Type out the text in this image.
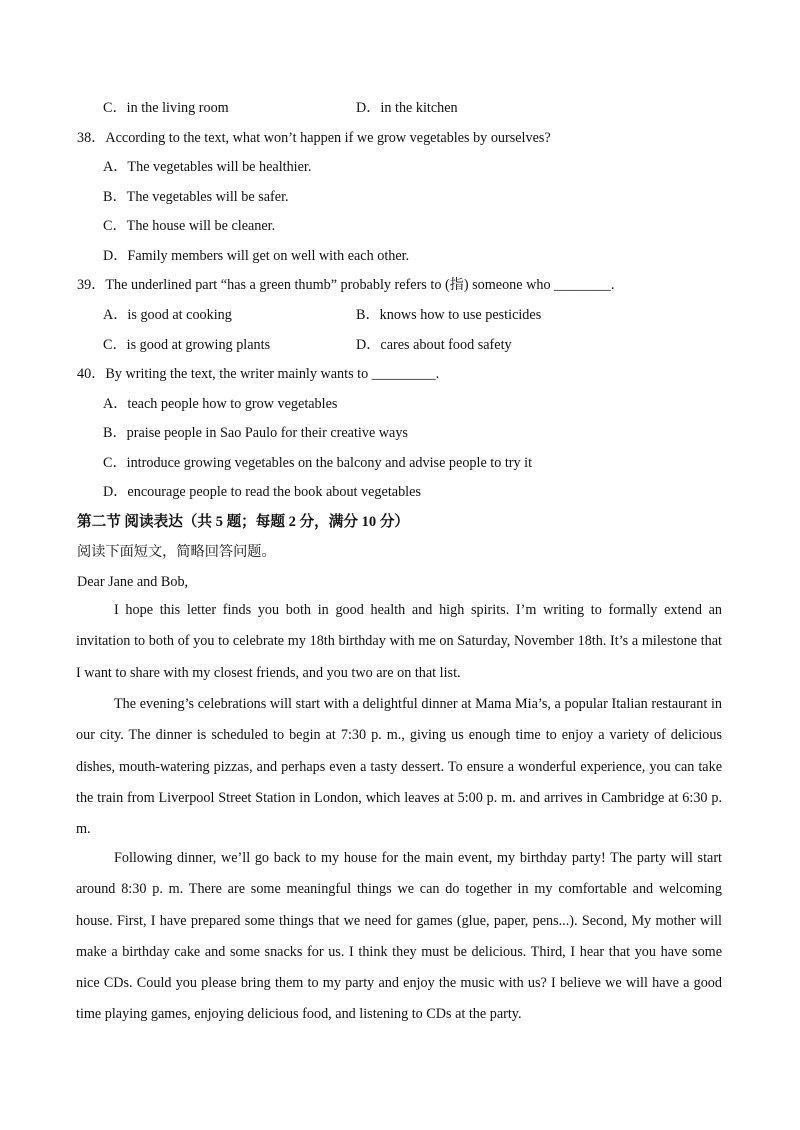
C．in the living room	D．in the kitchen
38．According to the text, what won’t happen if we grow vegetables by ourselves?
A．The vegetables will be healthier.
B．The vegetables will be safer.
C．The house will be cleaner.
D．Family members will get on well with each other.
39．The underlined part “has a green thumb” probably refers to (指) someone who ________.
A．is good at cooking	B．knows how to use pesticides
C．is good at growing plants	D．cares about food safety
40．By writing the text, the writer mainly wants to _________.
A．teach people how to grow vegetables
B．praise people in Sao Paulo for their creative ways
C．introduce growing vegetables on the balcony and advise people to try it
D．encourage people to read the book about vegetables
第二节 阅读表达（共 5 题；每题 2 分，满分 10 分）
阅读下面短文，简略回答问题。
Dear Jane and Bob,
I hope this letter finds you both in good health and high spirits. I’m writing to formally extend an invitation to both of you to celebrate my 18th birthday with me on Saturday, November 18th. It’s a milestone that I want to share with my closest friends, and you two are on that list.
The evening’s celebrations will start with a delightful dinner at Mama Mia’s, a popular Italian restaurant in our city. The dinner is scheduled to begin at 7:30 p. m., giving us enough time to enjoy a variety of delicious dishes, mouth-watering pizzas, and perhaps even a tasty dessert. To ensure a wonderful experience, you can take the train from Liverpool Street Station in London, which leaves at 5:00 p. m. and arrives in Cambridge at 6:30 p. m.
Following dinner, we’ll go back to my house for the main event, my birthday party! The party will start around 8:30 p. m. There are some meaningful things we can do together in my comfortable and welcoming house. First, I have prepared some things that we need for games (glue, paper, pens...). Second, My mother will make a birthday cake and some snacks for us. I think they must be delicious. Third, I hear that you have some nice CDs. Could you please bring them to my party and enjoy the music with us? I believe we will have a good time playing games, enjoying delicious food, and listening to CDs at the party.
